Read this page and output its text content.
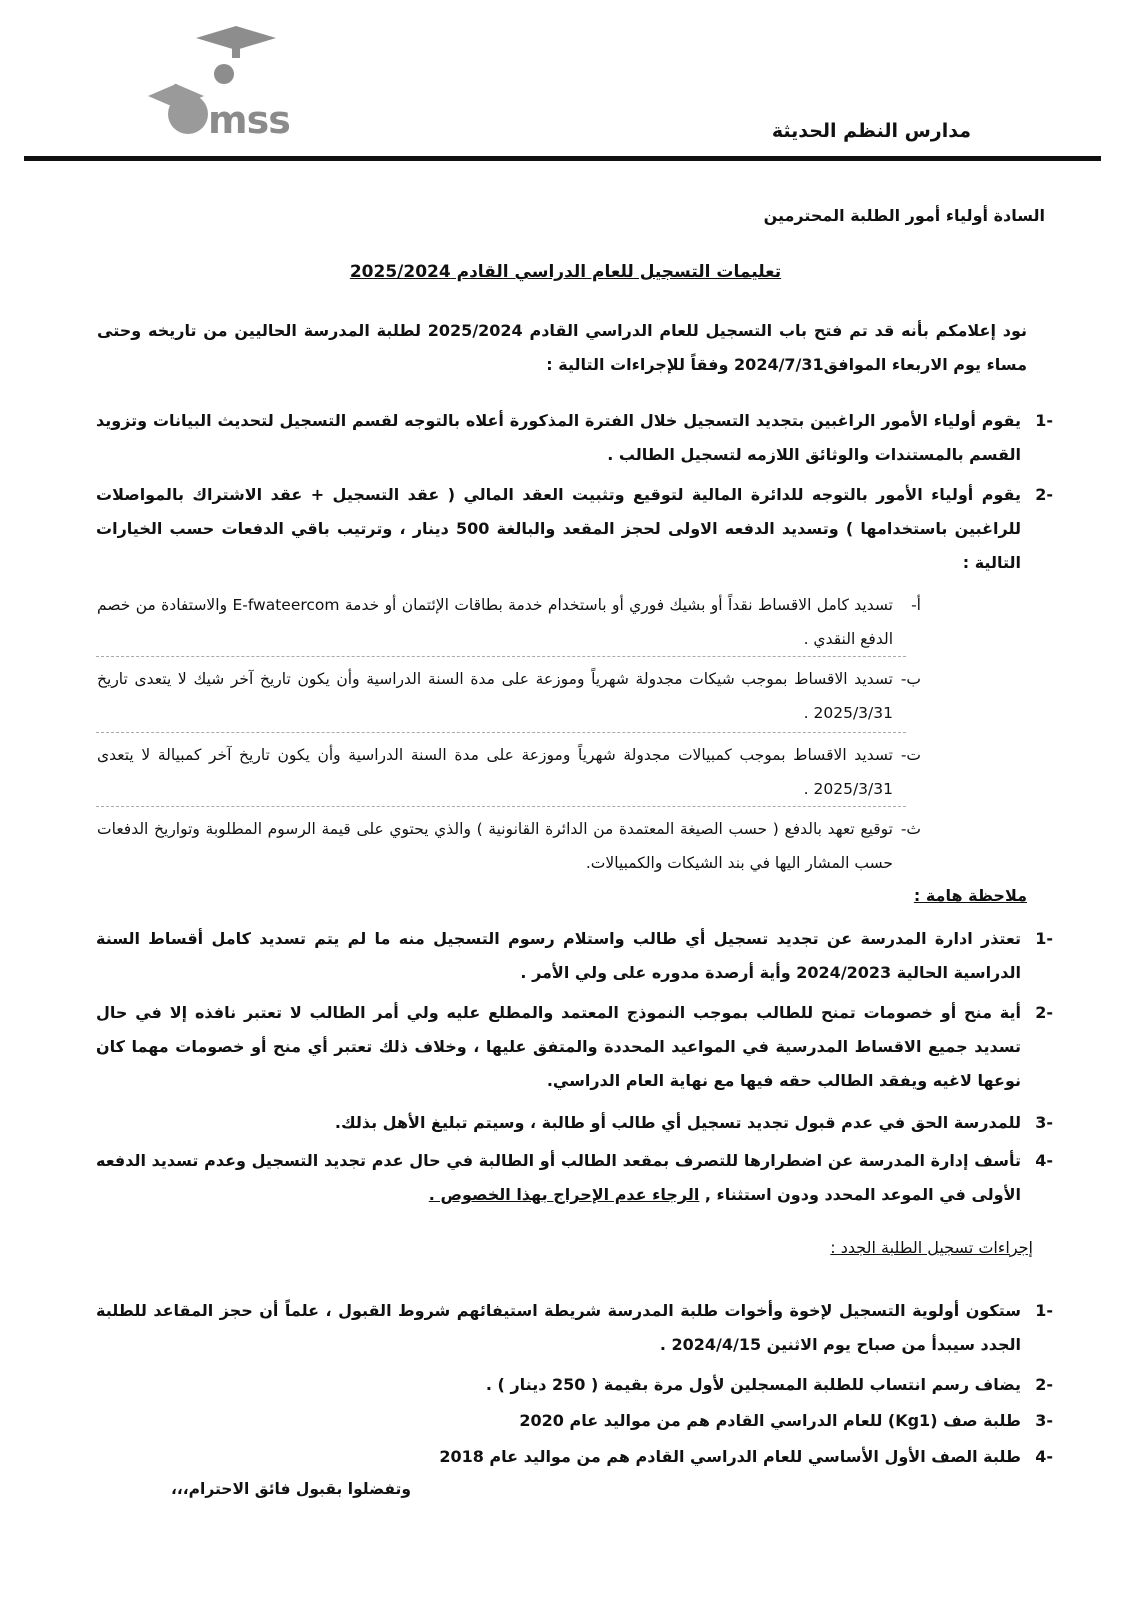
mss	مدارس النظم الحديثة
السادة أولياء أمور الطلبة المحترمين
تعليمات التسجيل للعام الدراسي القادم 2025/2024
نود إعلامكم بأنه قد تم فتح باب التسجيل للعام الدراسي القادم 2025/2024 لطلبة المدرسة الحاليين من تاريخه وحتى مساء يوم الاربعاء الموافق2024/7/31 وفقاً للإجراءات التالية :
-1
يقوم أولياء الأمور الراغبين بتجديد التسجيل خلال الفترة المذكورة أعلاه بالتوجه لقسم التسجيل لتحديث البيانات وتزويد القسم بالمستندات والوثائق اللازمه لتسجيل الطالب .
-2
يقوم أولياء الأمور بالتوجه للدائرة المالية لتوقيع وتثبيت العقد المالي ( عقد التسجيل + عقد الاشتراك بالمواصلات للراغبين باستخدامها ) وتسديد الدفعه الاولى لحجز المقعد والبالغة 500 دينار ، وترتيب باقي الدفعات حسب الخيارات التالية :
أ-
تسديد كامل الاقساط نقداً أو بشيك فوري أو باستخدام خدمة بطاقات الإئتمان أو خدمة E-fwateercom والاستفادة من خصم الدفع النقدي .
ب-
تسديد الاقساط بموجب شيكات مجدولة شهرياً وموزعة على مدة السنة الدراسية وأن يكون تاريخ آخر شيك لا يتعدى تاريخ 2025/3/31 .
ت-
تسديد الاقساط بموجب كمبيالات مجدولة شهرياً وموزعة على مدة السنة الدراسية وأن يكون تاريخ آخر كمبيالة لا يتعدى 2025/3/31 .
ث-
توقيع تعهد بالدفع ( حسب الصيغة المعتمدة من الدائرة القانونية ) والذي يحتوي على قيمة الرسوم المطلوبة وتواريخ الدفعات حسب المشار اليها في بند الشيكات والكمبيالات.
ملاحظة هامة :
-1
تعتذر ادارة المدرسة عن تجديد تسجيل أي طالب واستلام رسوم التسجيل منه ما لم يتم تسديد كامل أقساط السنة الدراسية الحالية 2024/2023 وأية أرصدة مدوره على ولي الأمر .
-2
أية منح أو خصومات تمنح للطالب بموجب النموذج المعتمد والمطلع عليه ولي أمر الطالب لا تعتبر نافذه إلا في حال تسديد جميع الاقساط المدرسية في المواعيد المحددة والمتفق عليها ، وخلاف ذلك تعتبر أي منح أو خصومات مهما كان نوعها لاغيه ويفقد الطالب حقه فيها مع نهاية العام الدراسي.
-3
للمدرسة الحق في عدم قبول تجديد تسجيل أي طالب أو طالبة ، وسيتم تبليغ الأهل بذلك.
-4
تأسف إدارة المدرسة عن اضطرارها للتصرف بمقعد الطالب أو الطالبة في حال عدم تجديد التسجيل وعدم تسديد الدفعه الأولى في الموعد المحدد ودون استثناء , الرجاء عدم الإحراج بهذا الخصوص .
إجراءات تسجيل الطلبة الجدد :
-1
ستكون أولوية التسجيل لإخوة وأخوات طلبة المدرسة شريطة استيفائهم شروط القبول ، علماً أن حجز المقاعد للطلبة الجدد سيبدأ من صباح يوم الاثنين 2024/4/15 .
-2
يضاف رسم انتساب للطلبة المسجلين لأول مرة بقيمة ( 250 دينار ) .
-3
طلبة صف (Kg1) للعام الدراسي القادم هم من مواليد عام 2020
-4
طلبة الصف الأول الأساسي للعام الدراسي القادم هم من مواليد عام 2018
وتفضلوا بقبول فائق الاحترام،،،
